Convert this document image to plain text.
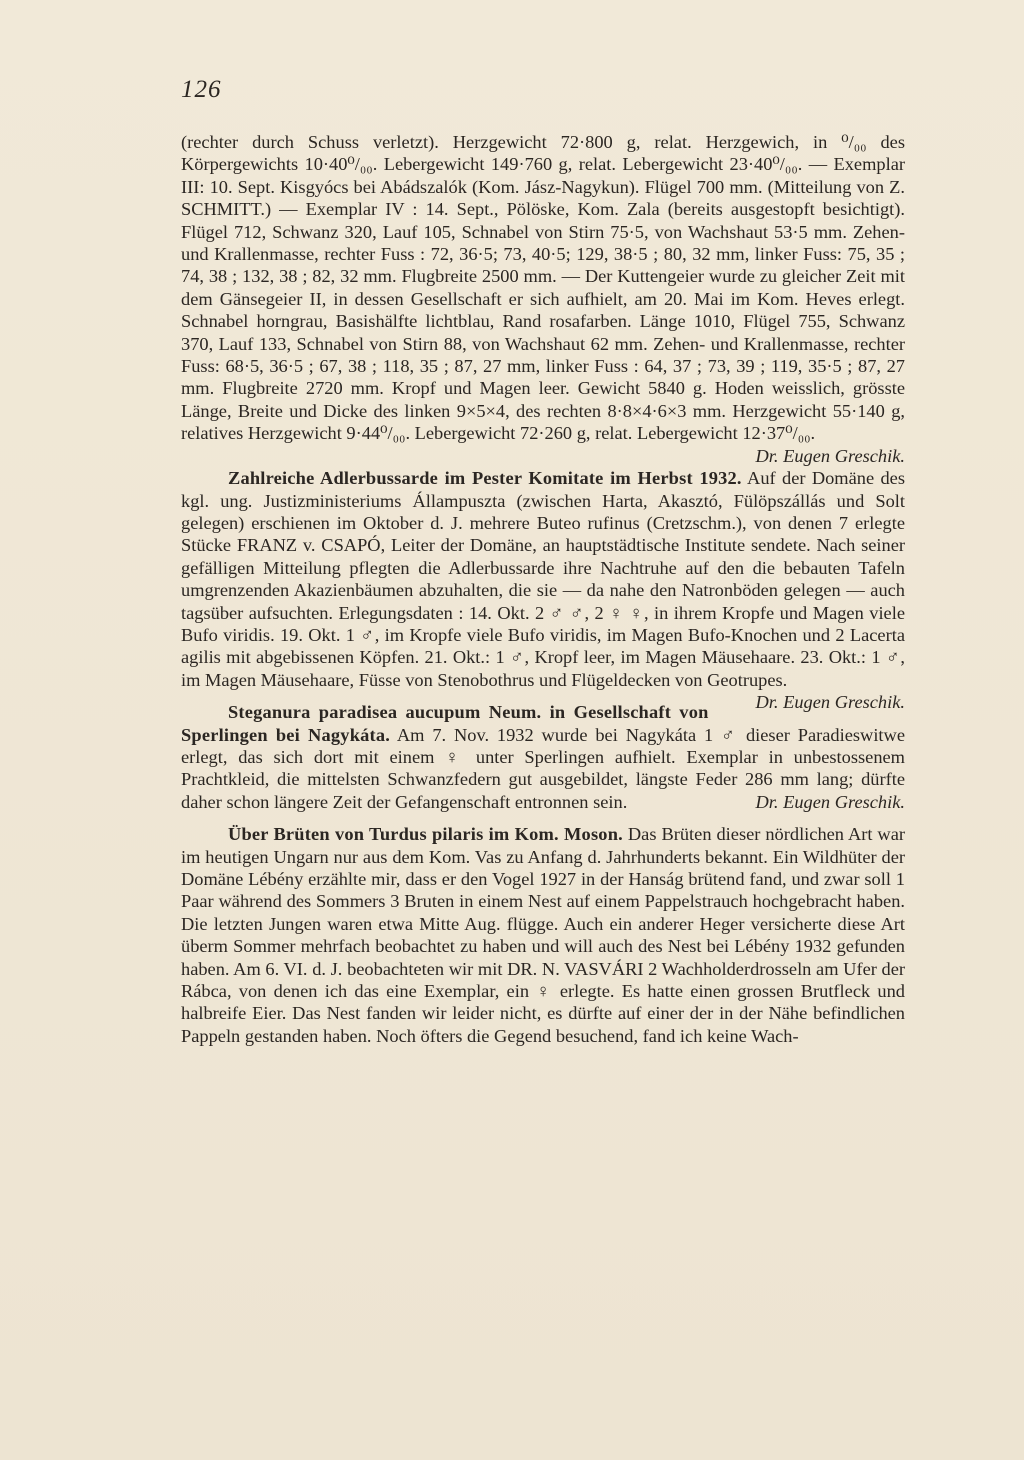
126

(rechter durch Schuss verletzt). Herzgewicht 72·800 g, relat. Herzgewich, in ⁰/₀₀ des Körpergewichts 10·40⁰/₀₀. Lebergewicht 149·760 g, relat. Lebergewicht 23·40⁰/₀₀. — Exemplar III: 10. Sept. Kisgyócs bei Abádszalók (Kom. Jász-Nagykun). Flügel 700 mm. (Mitteilung von Z. SCHMITT.) — Exemplar IV : 14. Sept., Pölöske, Kom. Zala (bereits ausgestopft besichtigt). Flügel 712, Schwanz 320, Lauf 105, Schnabel von Stirn 75·5, von Wachshaut 53·5 mm. Zehen- und Krallenmasse, rechter Fuss : 72, 36·5; 73, 40·5; 129, 38·5 ; 80, 32 mm, linker Fuss: 75, 35 ; 74, 38 ; 132, 38 ; 82, 32 mm. Flugbreite 2500 mm. — Der Kuttengeier wurde zu gleicher Zeit mit dem Gänsegeier II, in dessen Gesellschaft er sich aufhielt, am 20. Mai im Kom. Heves erlegt. Schnabel horngrau, Basishälfte lichtblau, Rand rosafarben. Länge 1010, Flügel 755, Schwanz 370, Lauf 133, Schnabel von Stirn 88, von Wachshaut 62 mm. Zehen- und Krallenmasse, rechter Fuss: 68·5, 36·5 ; 67, 38 ; 118, 35 ; 87, 27 mm, linker Fuss : 64, 37 ; 73, 39 ; 119, 35·5 ; 87, 27 mm. Flugbreite 2720 mm. Kropf und Magen leer. Gewicht 5840 g. Hoden weisslich, grösste Länge, Breite und Dicke des linken 9×5×4, des rechten 8·8×4·6×3 mm. Herzgewicht 55·140 g, relatives Herzgewicht 9·44⁰/₀₀. Lebergewicht 72·260 g, relat. Lebergewicht 12·37⁰/₀₀.

Dr. Eugen Greschik.

Zahlreiche Adlerbussarde im Pester Komitate im Herbst 1932. Auf der Domäne des kgl. ung. Justizministeriums Állampuszta (zwischen Harta, Akasztó, Fülöpszállás und Solt gelegen) erschienen im Oktober d. J. mehrere Buteo rufinus (Cretzschm.), von denen 7 erlegte Stücke FRANZ v. CSAPÓ, Leiter der Domäne, an hauptstädtische Institute sendete. Nach seiner gefälligen Mitteilung pflegten die Adlerbussarde ihre Nachtruhe auf den die bebauten Tafeln umgrenzenden Akazienbäumen abzuhalten, die sie — da nahe den Natronböden gelegen — auch tagsüber aufsuchten. Erlegungsdaten : 14. Okt. 2 ♂ ♂, 2 ♀ ♀, in ihrem Kropfe und Magen viele Bufo viridis. 19. Okt. 1 ♂, im Kropfe viele Bufo viridis, im Magen Bufo-Knochen und 2 Lacerta agilis mit abgebissenen Köpfen. 21. Okt.: 1 ♂, Kropf leer, im Magen Mäusehaare. 23. Okt.: 1 ♂, im Magen Mäusehaare, Füsse von Stenobothrus und Flügeldecken von Geotrupes.
Dr. Eugen Greschik.

Steganura paradisea aucupum Neum. in Gesellschaft von Sperlingen bei Nagykáta. Am 7. Nov. 1932 wurde bei Nagykáta 1 ♂ dieser Paradieswitwe erlegt, das sich dort mit einem ♀ unter Sperlingen aufhielt. Exemplar in unbestossenem Prachtkleid, die mittelsten Schwanzfedern gut ausgebildet, längste Feder 286 mm lang; dürfte daher schon längere Zeit der Gefangenschaft entronnen sein.	Dr. Eugen Greschik.

Über Brüten von Turdus pilaris im Kom. Moson. Das Brüten dieser nördlichen Art war im heutigen Ungarn nur aus dem Kom. Vas zu Anfang d. Jahrhunderts bekannt. Ein Wildhüter der Domäne Lébény erzählte mir, dass er den Vogel 1927 in der Hanság brütend fand, und zwar soll 1 Paar während des Sommers 3 Bruten in einem Nest auf einem Pappelstrauch hochgebracht haben. Die letzten Jungen waren etwa Mitte Aug. flügge. Auch ein anderer Heger versicherte diese Art überm Sommer mehrfach beobachtet zu haben und will auch des Nest bei Lébény 1932 gefunden haben. Am 6. VI. d. J. beobachteten wir mit DR. N. VASVÁRI 2 Wachholderdrosseln am Ufer der Rábca, von denen ich das eine Exemplar, ein ♀ erlegte. Es hatte einen grossen Brutfleck und halbreife Eier. Das Nest fanden wir leider nicht, es dürfte auf einer der in der Nähe befindlichen Pappeln gestanden haben. Noch öfters die Gegend besuchend, fand ich keine Wach-
